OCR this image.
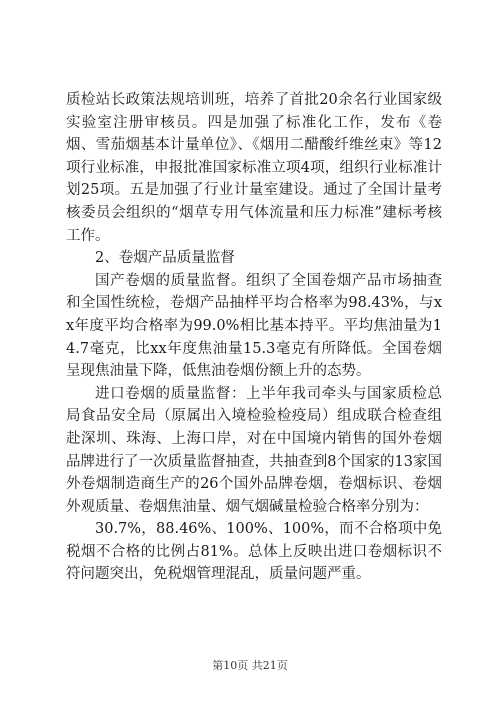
质检站长政策法规培训班，培养了首批20余名行业国家级实验室注册审核员。四是加强了标准化工作，发布《卷烟、雪茄烟基本计量单位》、《烟用二醋酸纤维丝束》等12项行业标准，申报批准国家标准立项4项，组织行业标准计划25项。五是加强了行业计量室建设。通过了全国计量考核委员会组织的“烟草专用气体流量和压力标准”建标考核工作。

2、卷烟产品质量监督

国产卷烟的质量监督。组织了全国卷烟产品市场抽查和全国性统检，卷烟产品抽样平均合格率为98.43%，与xx年度平均合格率为99.0%相比基本持平。平均焦油量为14.7毫克，比xx年度焦油量15.3毫克有所降低。全国卷烟呈现焦油量下降，低焦油卷烟份额上升的态势。

进口卷烟的质量监督：上半年我司牵头与国家质检总局食品安全局（原属出入境检验检疫局）组成联合检查组赴深圳、珠海、上海口岸，对在中国境内销售的国外卷烟品牌进行了一次质量监督抽查，共抽查到8个国家的13家国外卷烟制造商生产的26个国外品牌卷烟，卷烟标识、卷烟外观质量、卷烟焦油量、烟气烟碱量检验合格率分别为：

30.7%，88.46%、100%、100%，而不合格项中免税烟不合格的比例占81%。总体上反映出进口卷烟标识不符问题突出，免税烟管理混乱，质量问题严重。

第10页 共21页
